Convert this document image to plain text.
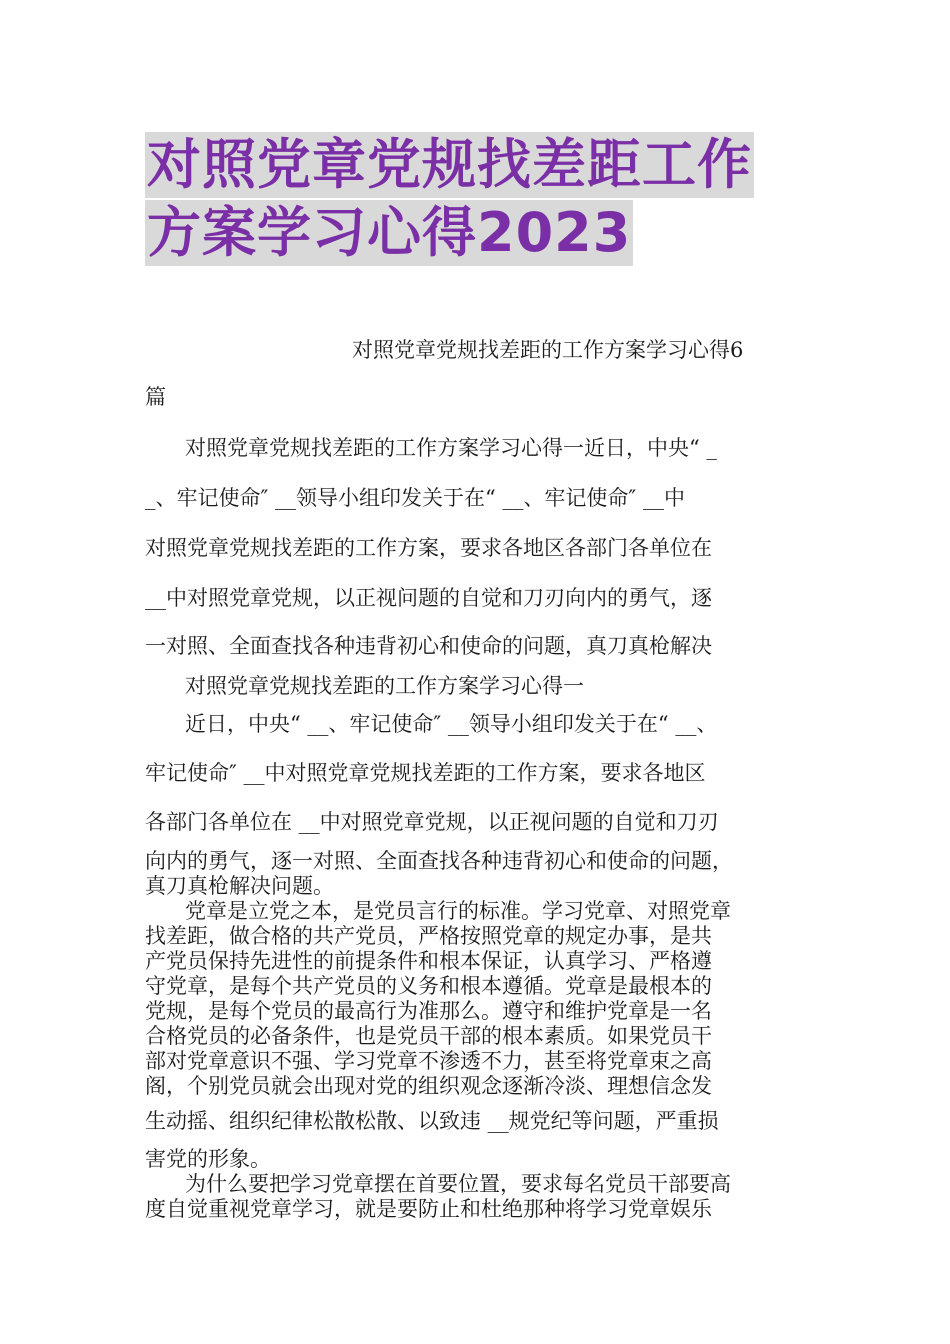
对照党章党规找差距工作
方案学习心得2023
对照党章党规找差距的工作方案学习心得6
篇
对照党章党规找差距的工作方案学习心得一近日，中央“ _
_、牢记使命″ __领导小组印发关于在“ __、牢记使命″ __中
对照党章党规找差距的工作方案，要求各地区各部门各单位在
__中对照党章党规，以正视问题的自觉和刀刃向内的勇气，逐
一对照、全面查找各种违背初心和使命的问题，真刀真枪解决
对照党章党规找差距的工作方案学习心得一
近日，中央“ __、牢记使命″ __领导小组印发关于在“ __、
牢记使命″ __中对照党章党规找差距的工作方案，要求各地区
各部门各单位在 __中对照党章党规，以正视问题的自觉和刀刃
向内的勇气，逐一对照、全面查找各种违背初心和使命的问题，
真刀真枪解决问题。
党章是立党之本，是党员言行的标准。学习党章、对照党章
找差距，做合格的共产党员，严格按照党章的规定办事，是共
产党员保持先进性的前提条件和根本保证，认真学习、严格遵
守党章，是每个共产党员的义务和根本遵循。党章是最根本的
党规，是每个党员的最高行为准那么。遵守和维护党章是一名
合格党员的必备条件，也是党员干部的根本素质。如果党员干
部对党章意识不强、学习党章不渗透不力，甚至将党章束之高
阁，个别党员就会出现对党的组织观念逐渐冷淡、理想信念发
生动摇、组织纪律松散松散、以致违 __规党纪等问题，严重损
害党的形象。
为什么要把学习党章摆在首要位置，要求每名党员干部要高
度自觉重视党章学习，就是要防止和杜绝那种将学习党章娱乐
